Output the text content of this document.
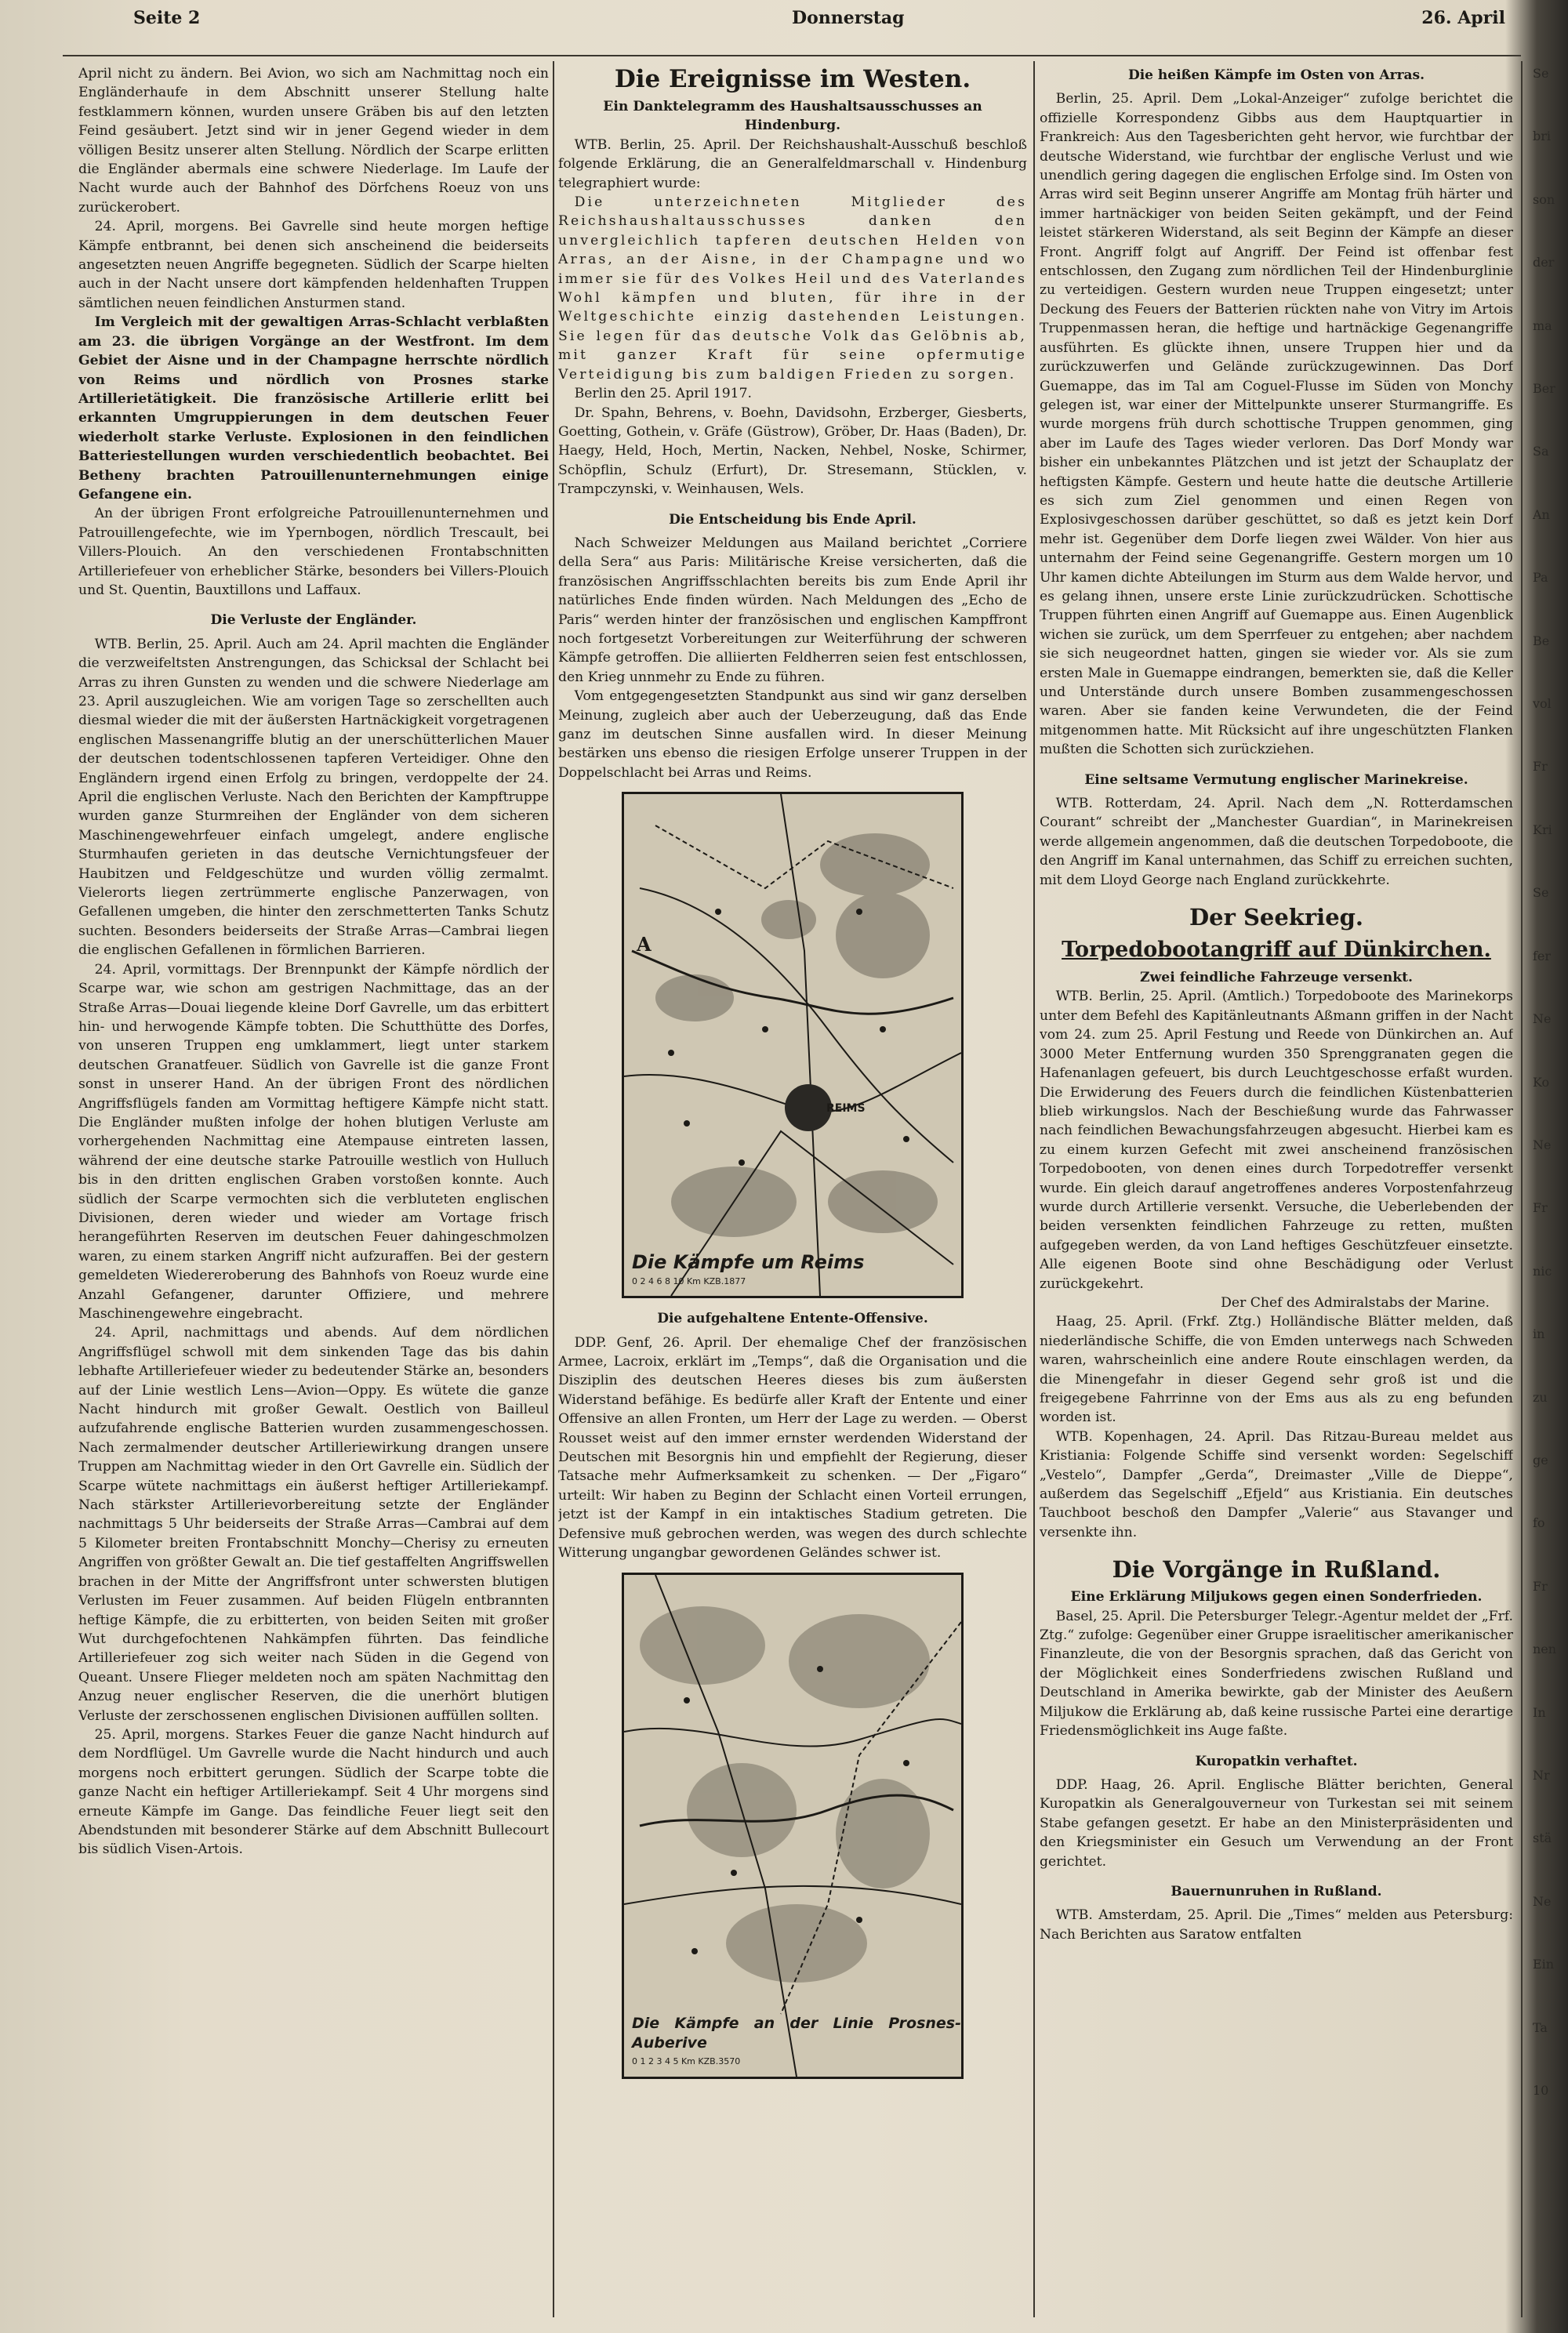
Seite 2	Donnerstag	26. April

April nicht zu ändern. Bei Avion, wo sich am Nachmittag noch ein Engländerhaufe in dem Abschnitt unserer Stellung halte festklammern können, wurden unsere Gräben bis auf den letzten Feind gesäubert. Jetzt sind wir in jener Gegend wieder in dem völligen Besitz unserer alten Stellung. Nördlich der Scarpe erlitten die Engländer abermals eine schwere Niederlage. Im Laufe der Nacht wurde auch der Bahnhof des Dörfchens Roeuz von uns zurückerobert.

24. April, morgens. Bei Gavrelle sind heute morgen heftige Kämpfe entbrannt, bei denen sich anscheinend die beiderseits angesetzten neuen Angriffe begegneten. Südlich der Scarpe hielten auch in der Nacht unsere dort kämpfenden heldenhaften Truppen sämtlichen neuen feindlichen Ansturmen stand.

Im Vergleich mit der gewaltigen Arras-Schlacht verblaßten am 23. die übrigen Vorgänge an der Westfront. Im dem Gebiet der Aisne und in der Champagne herrschte nördlich von Reims und nördlich von Prosnes starke Artillerietätigkeit. Die französische Artillerie erlitt bei erkannten Umgruppierungen in dem deutschen Feuer wiederholt starke Verluste. Explosionen in den feindlichen Batteriestellungen wurden verschiedentlich beobachtet. Bei Betheny brachten Patrouillenunternehmungen einige Gefangene ein.

An der übrigen Front erfolgreiche Patrouillenunternehmen und Patrouillengefechte, wie im Ypernbogen, nördlich Trescault, bei Villers-Plouich. An den verschiedenen Frontabschnitten Artilleriefeuer von erheblicher Stärke, besonders bei Villers-Plouich und St. Quentin, Bauxtillons und Laffaux.

Die Verluste der Engländer.

WTB. Berlin, 25. April. Auch am 24. April machten die Engländer die verzweifeltsten Anstrengungen, das Schicksal der Schlacht bei Arras zu ihren Gunsten zu wenden und die schwere Niederlage am 23. April auszugleichen. Wie am vorigen Tage so zerschellten auch diesmal wieder die mit der äußersten Hartnäckigkeit vorgetragenen englischen Massenangriffe blutig an der unerschütterlichen Mauer der deutschen todentschlossenen tapferen Verteidiger. Ohne den Engländern irgend einen Erfolg zu bringen, verdoppelte der 24. April die englischen Verluste. Nach den Berichten der Kampftruppe wurden ganze Sturmreihen der Engländer von dem sicheren Maschinengewehrfeuer einfach umgelegt, andere englische Sturmhaufen gerieten in das deutsche Vernichtungsfeuer der Haubitzen und Feldgeschütze und wurden völlig zermalmt. Vielerorts liegen zertrümmerte englische Panzerwagen, von Gefallenen umgeben, die hinter den zerschmetterten Tanks Schutz suchten. Besonders beiderseits der Straße Arras—Cambrai liegen die englischen Gefallenen in förmlichen Barrieren.

24. April, vormittags. Der Brennpunkt der Kämpfe nördlich der Scarpe war, wie schon am gestrigen Nachmittage, das an der Straße Arras—Douai liegende kleine Dorf Gavrelle, um das erbittert hin- und herwogende Kämpfe tobten. Die Schutthütte des Dorfes, von unseren Truppen eng umklammert, liegt unter starkem deutschen Granatfeuer. Südlich von Gavrelle ist die ganze Front sonst in unserer Hand. An der übrigen Front des nördlichen Angriffsflügels fanden am Vormittag heftigere Kämpfe nicht statt. Die Engländer mußten infolge der hohen blutigen Verluste am vorhergehenden Nachmittag eine Atempause eintreten lassen, während der eine deutsche starke Patrouille westlich von Hulluch bis in den dritten englischen Graben vorstoßen konnte. Auch südlich der Scarpe vermochten sich die verbluteten englischen Divisionen, deren wieder und wieder am Vortage frisch herangeführten Reserven im deutschen Feuer dahingeschmolzen waren, zu einem starken Angriff nicht aufzuraffen. Bei der gestern gemeldeten Wiedereroberung des Bahnhofs von Roeuz wurde eine Anzahl Gefangener, darunter Offiziere, und mehrere Maschinengewehre eingebracht.

24. April, nachmittags und abends. Auf dem nördlichen Angriffsflügel schwoll mit dem sinkenden Tage das bis dahin lebhafte Artilleriefeuer wieder zu bedeutender Stärke an, besonders auf der Linie westlich Lens—Avion—Oppy. Es wütete die ganze Nacht hindurch mit großer Gewalt. Oestlich von Bailleul aufzufahrende englische Batterien wurden zusammengeschossen. Nach zermalmender deutscher Artilleriewirkung drangen unsere Truppen am Nachmittag wieder in den Ort Gavrelle ein. Südlich der Scarpe wütete nachmittags ein äußerst heftiger Artilleriekampf. Nach stärkster Artillerievorbereitung setzte der Engländer nachmittags 5 Uhr beiderseits der Straße Arras—Cambrai auf dem 5 Kilometer breiten Frontabschnitt Monchy—Cherisy zu erneuten Angriffen von größter Gewalt an. Die tief gestaffelten Angriffswellen brachen in der Mitte der Angriffsfront unter schwersten blutigen Verlusten im Feuer zusammen. Auf beiden Flügeln entbrannten heftige Kämpfe, die zu erbitterten, von beiden Seiten mit großer Wut durchgefochtenen Nahkämpfen führten. Das feindliche Artilleriefeuer zog sich weiter nach Süden in die Gegend von Queant. Unsere Flieger meldeten noch am späten Nachmittag den Anzug neuer englischer Reserven, die die unerhört blutigen Verluste der zerschossenen englischen Divisionen auffüllen sollten.

25. April, morgens. Starkes Feuer die ganze Nacht hindurch auf dem Nordflügel. Um Gavrelle wurde die Nacht hindurch und auch morgens noch erbittert gerungen. Südlich der Scarpe tobte die ganze Nacht ein heftiger Artilleriekampf. Seit 4 Uhr morgens sind erneute Kämpfe im Gange. Das feindliche Feuer liegt seit den Abendstunden mit besonderer Stärke auf dem Abschnitt Bullecourt bis südlich Visen-Artois.

Die Ereignisse im Westen.

Ein Danktelegramm des Haushaltsausschusses an Hindenburg.

WTB. Berlin, 25. April. Der Reichshaushalt-Ausschuß beschloß folgende Erklärung, die an Generalfeldmarschall v. Hindenburg telegraphiert wurde:

Die unterzeichneten Mitglieder des Reichshaushaltausschusses danken den unvergleichlich tapferen deutschen Helden von Arras, an der Aisne, in der Champagne und wo immer sie für des Volkes Heil und des Vaterlandes Wohl kämpfen und bluten, für ihre in der Weltgeschichte einzig dastehenden Leistungen. Sie legen für das deutsche Volk das Gelöbnis ab, mit ganzer Kraft für seine opfermutige Verteidigung bis zum baldigen Frieden zu sorgen.

Berlin den 25. April 1917.

Dr. Spahn, Behrens, v. Boehn, Davidsohn, Erzberger, Giesberts, Goetting, Gothein, v. Gräfe (Güstrow), Gröber, Dr. Haas (Baden), Dr. Haegy, Held, Hoch, Mertin, Nacken, Nehbel, Noske, Schirmer, Schöpflin, Schulz (Erfurt), Dr. Stresemann, Stücklen, v. Trampczynski, v. Weinhausen, Wels.

Die Entscheidung bis Ende April.

Nach Schweizer Meldungen aus Mailand berichtet „Corriere della Sera“ aus Paris: Militärische Kreise versicherten, daß die französischen Angriffsschlachten bereits bis zum Ende April ihr natürliches Ende finden würden. Nach Meldungen des „Echo de Paris“ werden hinter der französischen und englischen Kampffront noch fortgesetzt Vorbereitungen zur Weiterführung der schweren Kämpfe getroffen. Die alliierten Feldherren seien fest entschlossen, den Krieg unnmehr zu Ende zu führen.

Vom entgegengesetzten Standpunkt aus sind wir ganz derselben Meinung, zugleich aber auch der Ueberzeugung, daß das Ende ganz im deutschen Sinne ausfallen wird. In dieser Meinung bestärken uns ebenso die riesigen Erfolge unserer Truppen in der Doppelschlacht bei Arras und Reims.

REIMS
A
Die Kämpfe um Reims
0 2 4 6 8 10 Km KZB.1877

Die aufgehaltene Entente-Offensive.

DDP. Genf, 26. April. Der ehemalige Chef der französischen Armee, Lacroix, erklärt im „Temps“, daß die Organisation und die Disziplin des deutschen Heeres dieses bis zum äußersten Widerstand befähige. Es bedürfe aller Kraft der Entente und einer Offensive an allen Fronten, um Herr der Lage zu werden. — Oberst Rousset weist auf den immer ernster werdenden Widerstand der Deutschen mit Besorgnis hin und empfiehlt der Regierung, dieser Tatsache mehr Aufmerksamkeit zu schenken. — Der „Figaro“ urteilt: Wir haben zu Beginn der Schlacht einen Vorteil errungen, jetzt ist der Kampf in ein intaktisches Stadium getreten. Die Defensive muß gebrochen werden, was wegen des durch schlechte Witterung ungangbar gewordenen Geländes schwer ist.

Die Kämpfe an der Linie Prosnes-Auberive
0 1 2 3 4 5 Km KZB.3570

Die heißen Kämpfe im Osten von Arras.

Berlin, 25. April. Dem „Lokal-Anzeiger“ zufolge berichtet die offizielle Korrespondenz Gibbs aus dem Hauptquartier in Frankreich: Aus den Tagesberichten geht hervor, wie furchtbar der deutsche Widerstand, wie furchtbar der englische Verlust und wie unendlich gering dagegen die englischen Erfolge sind. Im Osten von Arras wird seit Beginn unserer Angriffe am Montag früh härter und immer hartnäckiger von beiden Seiten gekämpft, und der Feind leistet stärkeren Widerstand, als seit Beginn der Kämpfe an dieser Front. Angriff folgt auf Angriff. Der Feind ist offenbar fest entschlossen, den Zugang zum nördlichen Teil der Hindenburglinie zu verteidigen. Gestern wurden neue Truppen eingesetzt; unter Deckung des Feuers der Batterien rückten nahe von Vitry im Artois Truppenmassen heran, die heftige und hartnäckige Gegenangriffe ausführten. Es glückte ihnen, unsere Truppen hier und da zurückzuwerfen und Gelände zurückzugewinnen. Das Dorf Guemappe, das im Tal am Coguel-Flusse im Süden von Monchy gelegen ist, war einer der Mittelpunkte unserer Sturmangriffe. Es wurde morgens früh durch schottische Truppen genommen, ging aber im Laufe des Tages wieder verloren. Das Dorf Mondy war bisher ein unbekanntes Plätzchen und ist jetzt der Schauplatz der heftigsten Kämpfe. Gestern und heute hatte die deutsche Artillerie es sich zum Ziel genommen und einen Regen von Explosivgeschossen darüber geschüttet, so daß es jetzt kein Dorf mehr ist. Gegenüber dem Dorfe liegen zwei Wälder. Von hier aus unternahm der Feind seine Gegenangriffe. Gestern morgen um 10 Uhr kamen dichte Abteilungen im Sturm aus dem Walde hervor, und es gelang ihnen, unsere erste Linie zurückzudrücken. Schottische Truppen führten einen Angriff auf Guemappe aus. Einen Augenblick wichen sie zurück, um dem Sperrfeuer zu entgehen; aber nachdem sie sich neugeordnet hatten, gingen sie wieder vor. Als sie zum ersten Male in Guemappe eindrangen, bemerkten sie, daß die Keller und Unterstände durch unsere Bomben zusammengeschossen waren. Aber sie fanden keine Verwundeten, die der Feind mitgenommen hatte. Mit Rücksicht auf ihre ungeschützten Flanken mußten die Schotten sich zurückziehen.

Eine seltsame Vermutung englischer Marinekreise.

WTB. Rotterdam, 24. April. Nach dem „N. Rotterdamschen Courant“ schreibt der „Manchester Guardian“, in Marinekreisen werde allgemein angenommen, daß die deutschen Torpedoboote, die den Angriff im Kanal unternahmen, das Schiff zu erreichen suchten, mit dem Lloyd George nach England zurückkehrte.

Der Seekrieg.

Torpedobootangriff auf Dünkirchen.

Zwei feindliche Fahrzeuge versenkt.

WTB. Berlin, 25. April. (Amtlich.) Torpedoboote des Marinekorps unter dem Befehl des Kapitänleutnants Aßmann griffen in der Nacht vom 24. zum 25. April Festung und Reede von Dünkirchen an. Auf 3000 Meter Entfernung wurden 350 Sprenggranaten gegen die Hafenanlagen gefeuert, bis durch Leuchtgeschosse erfaßt wurden. Die Erwiderung des Feuers durch die feindlichen Küstenbatterien blieb wirkungslos. Nach der Beschießung wurde das Fahrwasser nach feindlichen Bewachungsfahrzeugen abgesucht. Hierbei kam es zu einem kurzen Gefecht mit zwei anscheinend französischen Torpedobooten, von denen eines durch Torpedotreffer versenkt wurde. Ein gleich darauf angetroffenes anderes Vorpostenfahrzeug wurde durch Artillerie versenkt. Versuche, die Ueberlebenden der beiden versenkten feindlichen Fahrzeuge zu retten, mußten aufgegeben werden, da von Land heftiges Geschützfeuer einsetzte. Alle eigenen Boote sind ohne Beschädigung oder Verlust zurückgekehrt.

Der Chef des Admiralstabs der Marine.

Haag, 25. April. (Frkf. Ztg.) Holländische Blätter melden, daß niederländische Schiffe, die von Emden unterwegs nach Schweden waren, wahrscheinlich eine andere Route einschlagen werden, da die Minengefahr in dieser Gegend sehr groß ist und die freigegebene Fahrrinne von der Ems aus als zu eng befunden worden ist.

WTB. Kopenhagen, 24. April. Das Ritzau-Bureau meldet aus Kristiania: Folgende Schiffe sind versenkt worden: Segelschiff „Vestelo“, Dampfer „Gerda“, Dreimaster „Ville de Dieppe“, außerdem das Segelschiff „Efjeld“ aus Kristiania. Ein deutsches Tauchboot beschoß den Dampfer „Valerie“ aus Stavanger und versenkte ihn.

Die Vorgänge in Rußland.

Eine Erklärung Miljukows gegen einen Sonderfrieden.

Basel, 25. April. Die Petersburger Telegr.-Agentur meldet der „Frf. Ztg.“ zufolge: Gegenüber einer Gruppe israelitischer amerikanischer Finanzleute, die von der Besorgnis sprachen, daß das Gericht von der Möglichkeit eines Sonderfriedens zwischen Rußland und Deutschland in Amerika bewirkte, gab der Minister des Aeußern Miljukow die Erklärung ab, daß keine russische Partei eine derartige Friedensmöglichkeit ins Auge faßte.

Kuropatkin verhaftet.

DDP. Haag, 26. April. Englische Blätter berichten, General Kuropatkin als Generalgouverneur von Turkestan sei mit seinem Stabe gefangen gesetzt. Er habe an den Ministerpräsidenten und den Kriegsminister ein Gesuch um Verwendung an der Front gerichtet.

Bauernunruhen in Rußland.

WTB. Amsterdam, 25. April. Die „Times“ melden aus Petersburg: Nach Berichten aus Saratow entfalten

Se

bri

son

der

ma

Ber

Sa

An

Pa

Be

vol

Fr

Kri

Se

fer

Ne

Ko

Ne

Fr

nic

in

zu

ge

fo

Fr

nen

In

Nr

stä

Ne

Ein

Ta

10
